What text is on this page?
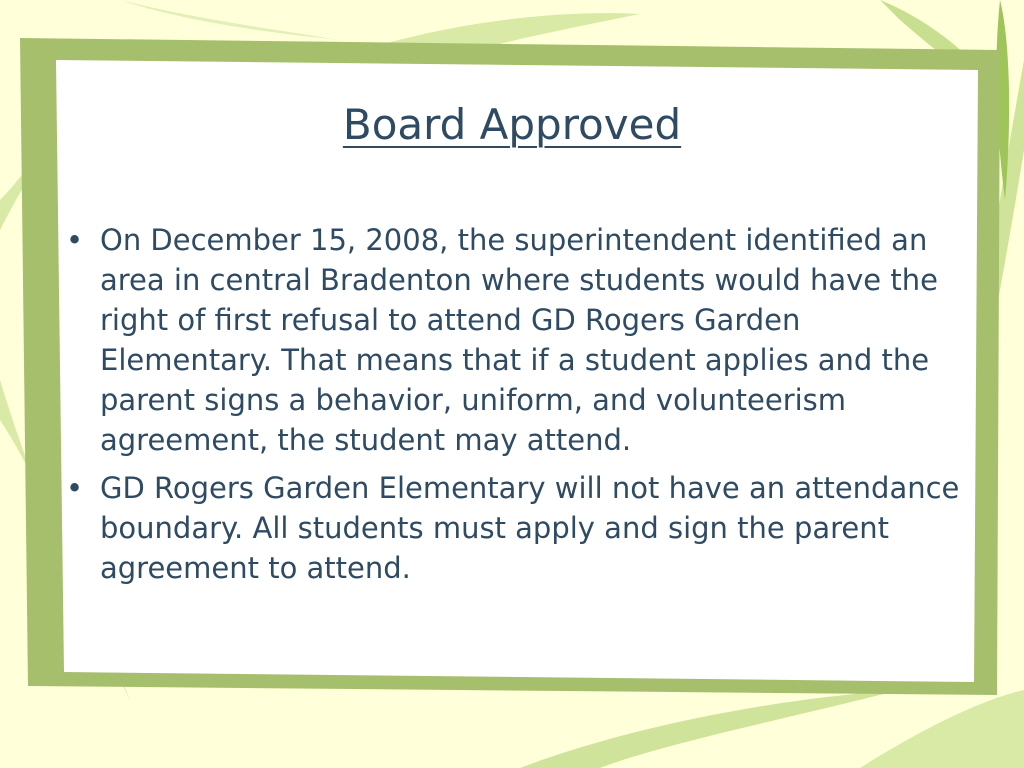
Board Approved
• On December 15, 2008, the superintendent identified an area in central Bradenton where students would have the right of first refusal to attend GD Rogers Garden Elementary. That means that if a student applies and the parent signs a behavior, uniform, and volunteerism agreement, the student may attend.
• GD Rogers Garden Elementary will not have an attendance boundary. All students must apply and sign the parent agreement to attend.
